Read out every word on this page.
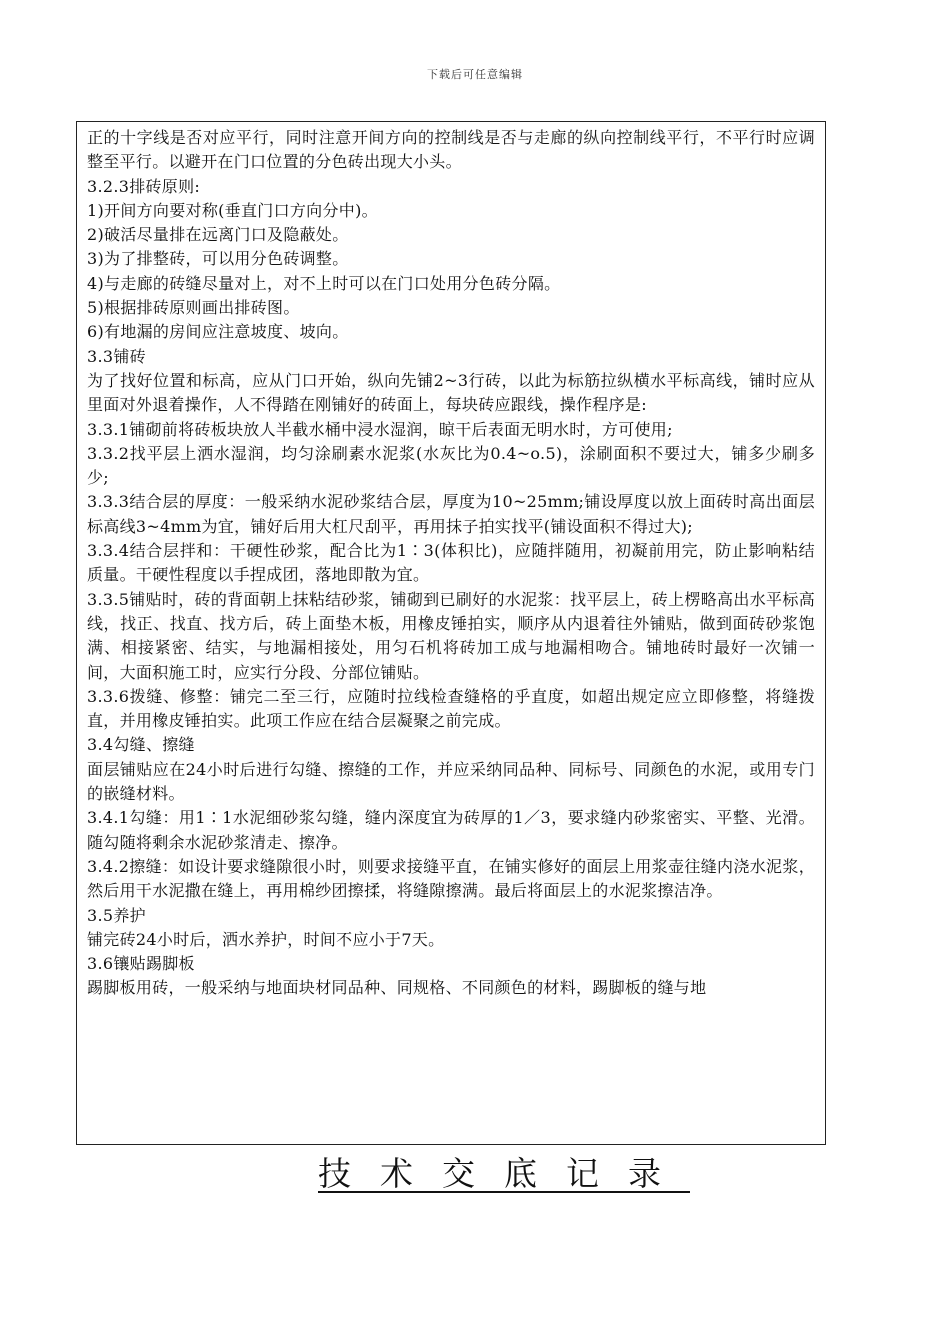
下载后可任意编辑

正的十字线是否对应平行，同时注意开间方向的控制线是否与走廊的纵向控制线平行，不平行时应调整至平行。以避开在门口位置的分色砖出现大小头。

3.2.3排砖原则:

1)开间方向要对称(垂直门口方向分中)。

2)破活尽量排在远离门口及隐蔽处。

3)为了排整砖，可以用分色砖调整。

4)与走廊的砖缝尽量对上，对不上时可以在门口处用分色砖分隔。

5)根据排砖原则画出排砖图。

6)有地漏的房间应注意坡度、坡向。

3.3铺砖

为了找好位置和标高，应从门口开始，纵向先铺2~3行砖，以此为标筋拉纵横水平标高线，铺时应从里面对外退着操作，人不得踏在刚铺好的砖面上，每块砖应跟线，操作程序是:

3.3.1铺砌前将砖板块放人半截水桶中浸水湿润，晾干后表面无明水时，方可使用;

3.3.2找平层上洒水湿润，均匀涂刷素水泥浆(水灰比为0.4~o.5)，涂刷面积不要过大，铺多少刷多少;

3.3.3结合层的厚度：一般采纳水泥砂浆结合层，厚度为10~25mm;铺设厚度以放上面砖时高出面层标高线3~4mm为宜，铺好后用大杠尺刮平，再用抹子拍实找平(铺设面积不得过大);

3.3.4结合层拌和：干硬性砂浆，配合比为1∶3(体积比)，应随拌随用，初凝前用完，防止影响粘结质量。干硬性程度以手捏成团，落地即散为宜。

3.3.5铺贴时，砖的背面朝上抹粘结砂浆，铺砌到已刷好的水泥浆：找平层上，砖上楞略高出水平标高线，找正、找直、找方后，砖上面垫木板，用橡皮锤拍实，顺序从内退着往外铺贴，做到面砖砂浆饱满、相接紧密、结实，与地漏相接处，用匀石机将砖加工成与地漏相吻合。铺地砖时最好一次铺一间，大面积施工时，应实行分段、分部位铺贴。

3.3.6拨缝、修整：铺完二至三行，应随时拉线检查缝格的乎直度，如超出规定应立即修整，将缝拨直，并用橡皮锤拍实。此项工作应在结合层凝聚之前完成。

3.4勾缝、擦缝

面层铺贴应在24小时后进行勾缝、擦缝的工作，并应采纳同品种、同标号、同颜色的水泥，或用专门的嵌缝材料。

3.4.1勾缝：用1∶1水泥细砂浆勾缝，缝内深度宜为砖厚的1／3，要求缝内砂浆密实、平整、光滑。随勾随将剩余水泥砂浆清走、擦净。

3.4.2擦缝：如设计要求缝隙很小时，则要求接缝平直，在铺实修好的面层上用浆壶往缝内浇水泥浆，然后用干水泥撒在缝上，再用棉纱团擦揉，将缝隙擦满。最后将面层上的水泥浆擦洁净。

3.5养护

铺完砖24小时后，洒水养护，时间不应小于7天。

3.6镶贴踢脚板

踢脚板用砖，一般采纳与地面块材同品种、同规格、不同颜色的材料，踢脚板的缝与地

技术交底记录
